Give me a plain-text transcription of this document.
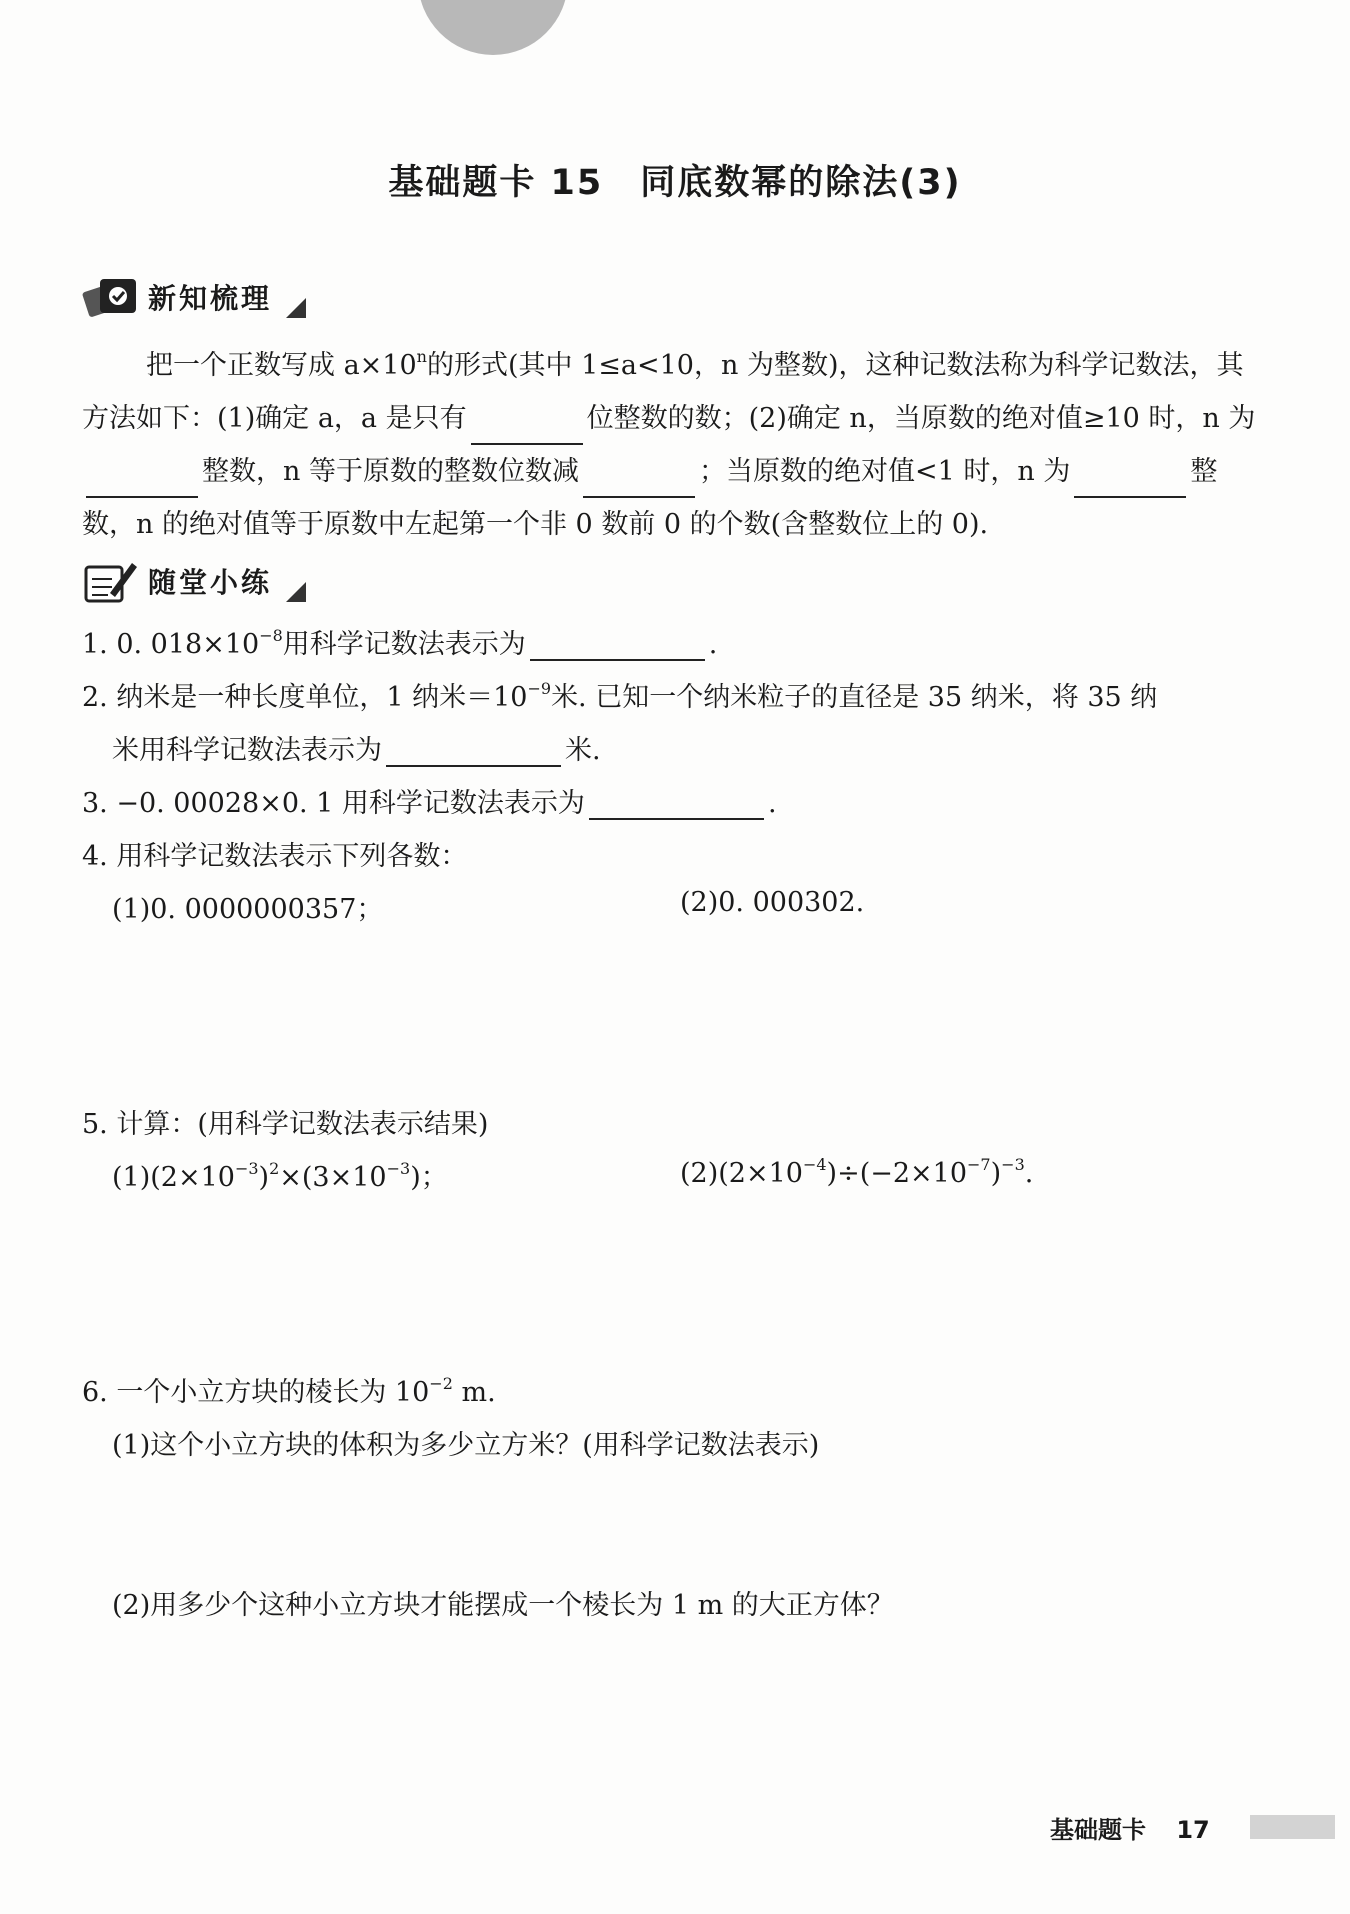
基础题卡 15　同底数幂的除法(3)
新知梳理
把一个正数写成 $a\times 10^n$的形式(其中 1≤a<10，n 为整数)，这种记数法称为科学记数法，其方法如下：(1)确定 a，a 是只有	位整数的数；(2)确定 n，当原数的绝对值≥10 时，n 为整数，n 等于原数的整数位数减	；当原数的绝对值<1 时，n 为	整数，n 的绝对值等于原数中左起第一个非 0 数前 0 的个数(含整数位上的 0).
随堂小练
1. 0. $018\times 10^{-8}$用科学记数法表示为	.
2. 纳米是一种长度单位，1 纳米$=10^{-9}$米. 已知一个纳米粒子的直径是 35 纳米，将 35 纳
米用科学记数法表示为	米.
3. −0. 00028×0. 1 用科学记数法表示为	.
4. 用科学记数法表示下列各数：
(1)0. 0000000357；	(2)0. 000302.
5. 计算：(用科学记数法表示结果)
$(1)(2\times 10^{-3})^2\times(3\times 10^{-3})$；	$(2)(2\times 10^{-4})\div(-2\times 10^{-7})^{-3}$.
6. 一个小立方块的棱长为 $10^{-2}$ m.
(1)这个小立方块的体积为多少立方米？(用科学记数法表示)
(2)用多少个这种小立方块才能摆成一个棱长为 1 m 的大正方体？
基础题卡 17
